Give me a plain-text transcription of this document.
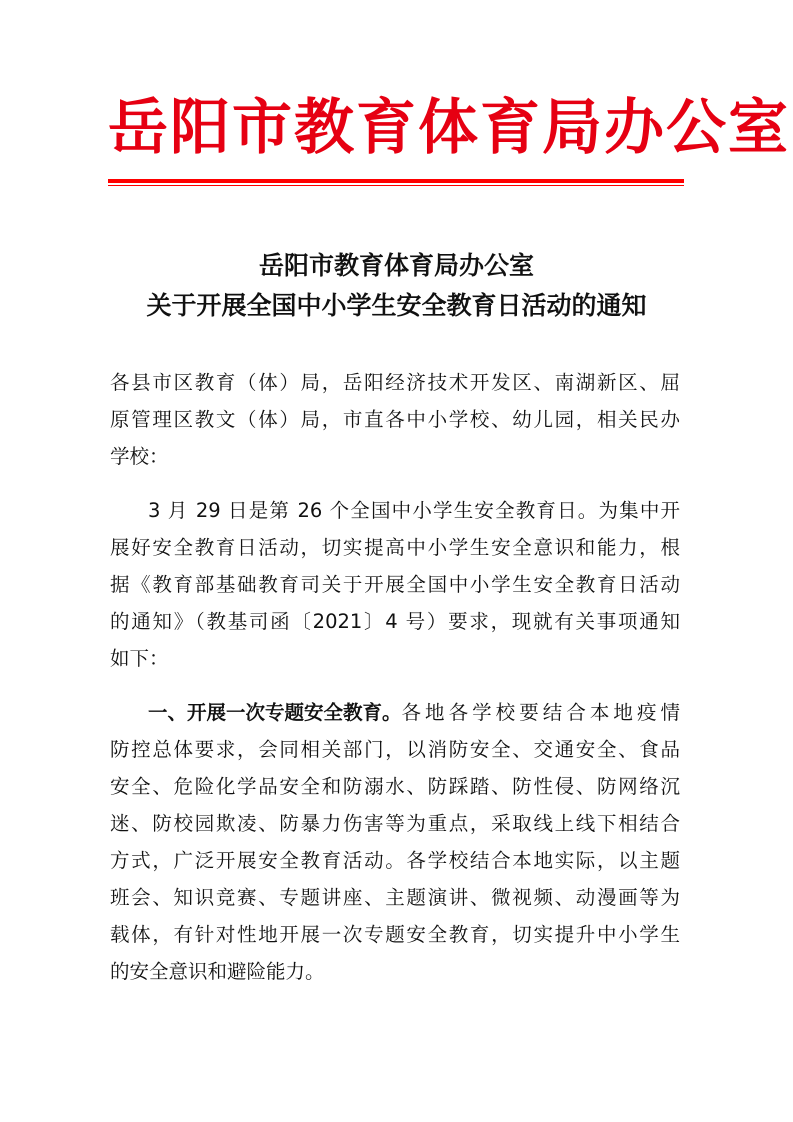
岳阳市教育体育局办公室
岳阳市教育体育局办公室
关于开展全国中小学生安全教育日活动的通知
各县市区教育（体）局，岳阳经济技术开发区、南湖新区、屈
原管理区教文（体）局，市直各中小学校、幼儿园，相关民办
学校：
3 月 29 日是第 26 个全国中小学生安全教育日。为集中开
展好安全教育日活动，切实提高中小学生安全意识和能力，根
据《教育部基础教育司关于开展全国中小学生安全教育日活动
的通知》（教基司函〔2021〕4 号）要求，现就有关事项通知
如下：
一、开展一次专题安全教育。 各地各学校要结合本地疫情
防控总体要求，会同相关部门，以消防安全、交通安全、食品
安全、危险化学品安全和防溺水、防踩踏、防性侵、防网络沉
迷、防校园欺凌、防暴力伤害等为重点，采取线上线下相结合
方式，广泛开展安全教育活动。各学校结合本地实际，以主题
班会、知识竞赛、专题讲座、主题演讲、微视频、动漫画等为
载体，有针对性地开展一次专题安全教育，切实提升中小学生
的安全意识和避险能力。
